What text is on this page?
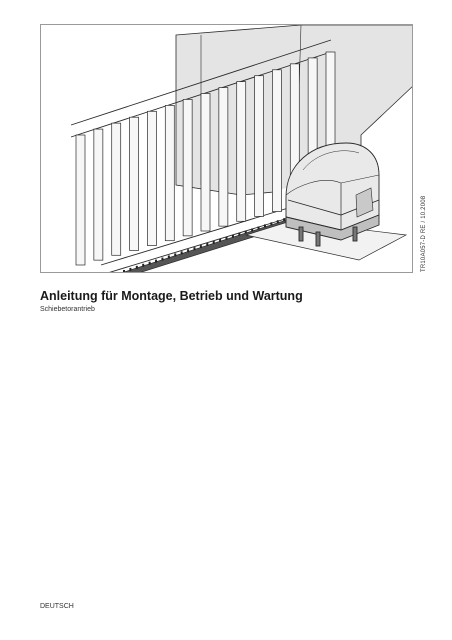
TR10A057-D RE / 10.2008
Anleitung für Montage, Betrieb und Wartung

Schiebetorantrieb

DEUTSCH
